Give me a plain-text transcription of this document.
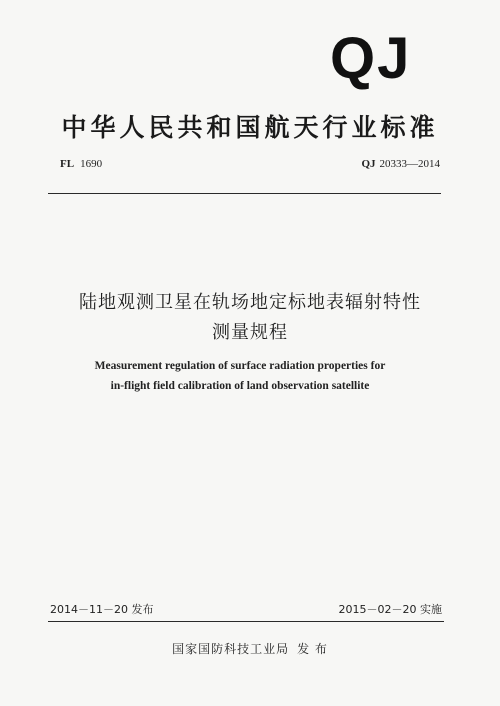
QJ
中华人民共和国航天行业标准
FL 1690	QJ 20333—2014
陆地观测卫星在轨场地定标地表辐射特性
测量规程
Measurement regulation of surface radiation properties for
in-flight field calibration of land observation satellite
2014－11－20 发布	2015－02－20 实施
国家国防科技工业局 发 布
